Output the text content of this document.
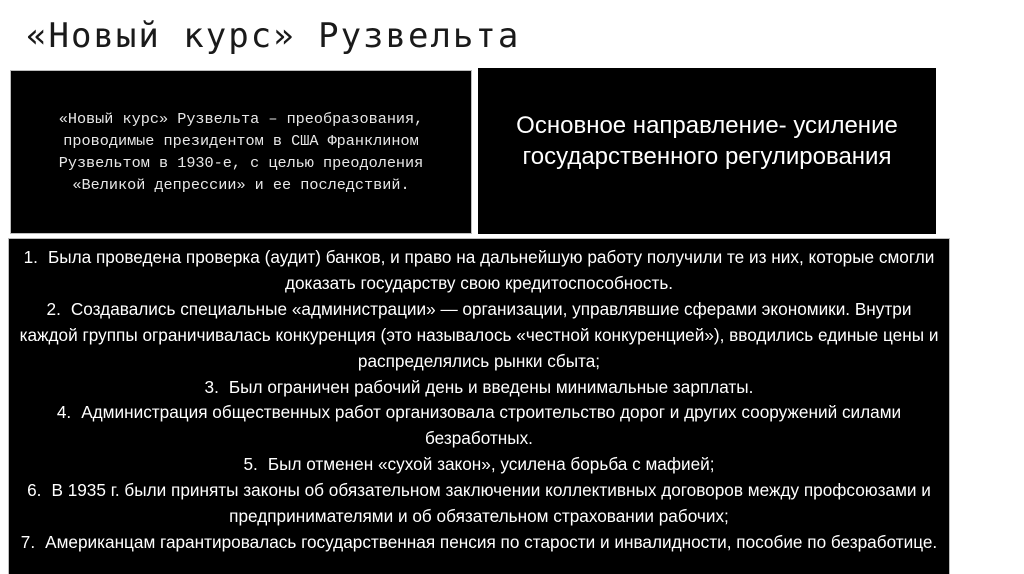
«Новый курс» Рузвельта

«Новый курс» Рузвельта – преобразования, проводимые президентом в США Франклином Рузвельтом в 1930-е, с целью преодоления «Великой депрессии» и ее последствий.

Основное направление- усиление государственного регулирования

1. Была проведена проверка (аудит) банков, и право на дальнейшую работу получили те из них, которые смогли доказать государству свою кредитоспособность.
2. Создавались специальные «администрации» — организации, управлявшие сферами экономики. Внутри каждой группы ограничивалась конкуренция (это называлось «честной конкуренцией»), вводились единые цены и распределялись рынки сбыта;
3. Был ограничен рабочий день и введены минимальные зарплаты.
4. Администрация общественных работ организовала строительство дорог и других сооружений силами безработных.
5. Был отменен «сухой закон», усилена борьба с мафией;
6. В 1935 г. были приняты законы об обязательном заключении коллективных договоров между профсоюзами и предпринимателями и об обязательном страховании рабочих;
7. Американцам гарантировалась государственная пенсия по старости и инвалидности, пособие по безработице.
